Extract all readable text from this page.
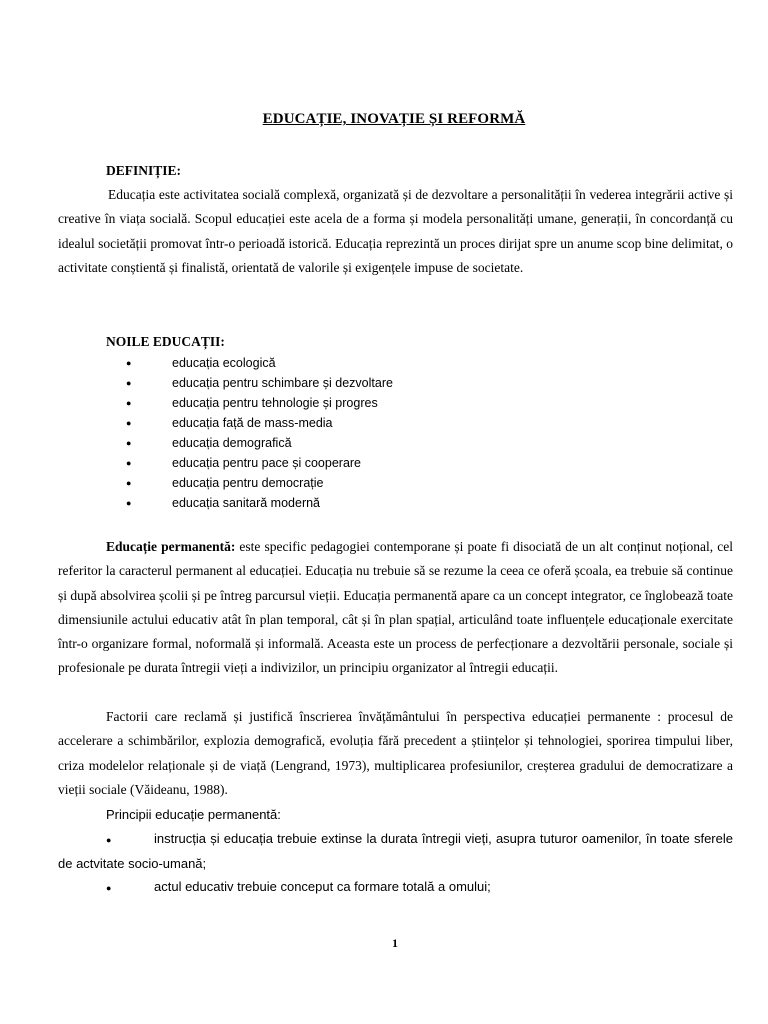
EDUCAȚIE, INOVAȚIE ȘI REFORMĂ
DEFINIȚIE:
Educația este activitatea socială complexă, organizată și de dezvoltare a personalității în vederea integrării active și creative în viața socială. Scopul educației este acela de a forma și modela personalități umane, generații, în concordanță cu idealul societății promovat într-o perioadă istorică. Educația reprezintă un proces dirijat spre un anume scop bine delimitat, o activitate conștientă și finalistă, orientată de valorile și exigențele impuse de societate.
NOILE EDUCAȚII:
●	educația ecologică
●	educația pentru schimbare și dezvoltare
●	educația pentru tehnologie și progres
●	educația față de mass-media
●	educația demografică
●	educația pentru pace și cooperare
●	educația pentru democrație
●	educația sanitară modernă
Educație permanentă: este specific pedagogiei contemporane și poate fi disociată de un alt conținut noțional, cel referitor la caracterul permanent al educației. Educația nu trebuie să se rezume la ceea ce oferă școala, ea trebuie să continue și după absolvirea școlii și pe întreg parcursul vieții. Educația permanentă apare ca un concept integrator, ce înglobează toate dimensiunile actului educativ atât în plan temporal, cât și în plan spațial, articulând toate influențele educaționale exercitate într-o organizare formal, noformală și informală. Aceasta este un process de perfecționare a dezvoltării personale, sociale și profesionale pe durata întregii vieți a indivizilor, un principiu organizator al întregii educații.
Factorii care reclamă și justifică înscrierea învățământului în perspectiva educației permanente : procesul de accelerare a schimbărilor, explozia demografică, evoluția fără precedent a științelor și tehnologiei, sporirea timpului liber, criza modelelor relaționale și de viață (Lengrand, 1973), multiplicarea profesiunilor, creșterea gradului de democratizare a vieții sociale (Văideanu, 1988).
Principii educație permanentă:
●	instrucția și educația trebuie extinse la durata întregii vieți, asupra tuturor oamenilor, în toate sferele de actvitate socio-umană;
●	actul educativ trebuie conceput ca formare totală a omului;
1
